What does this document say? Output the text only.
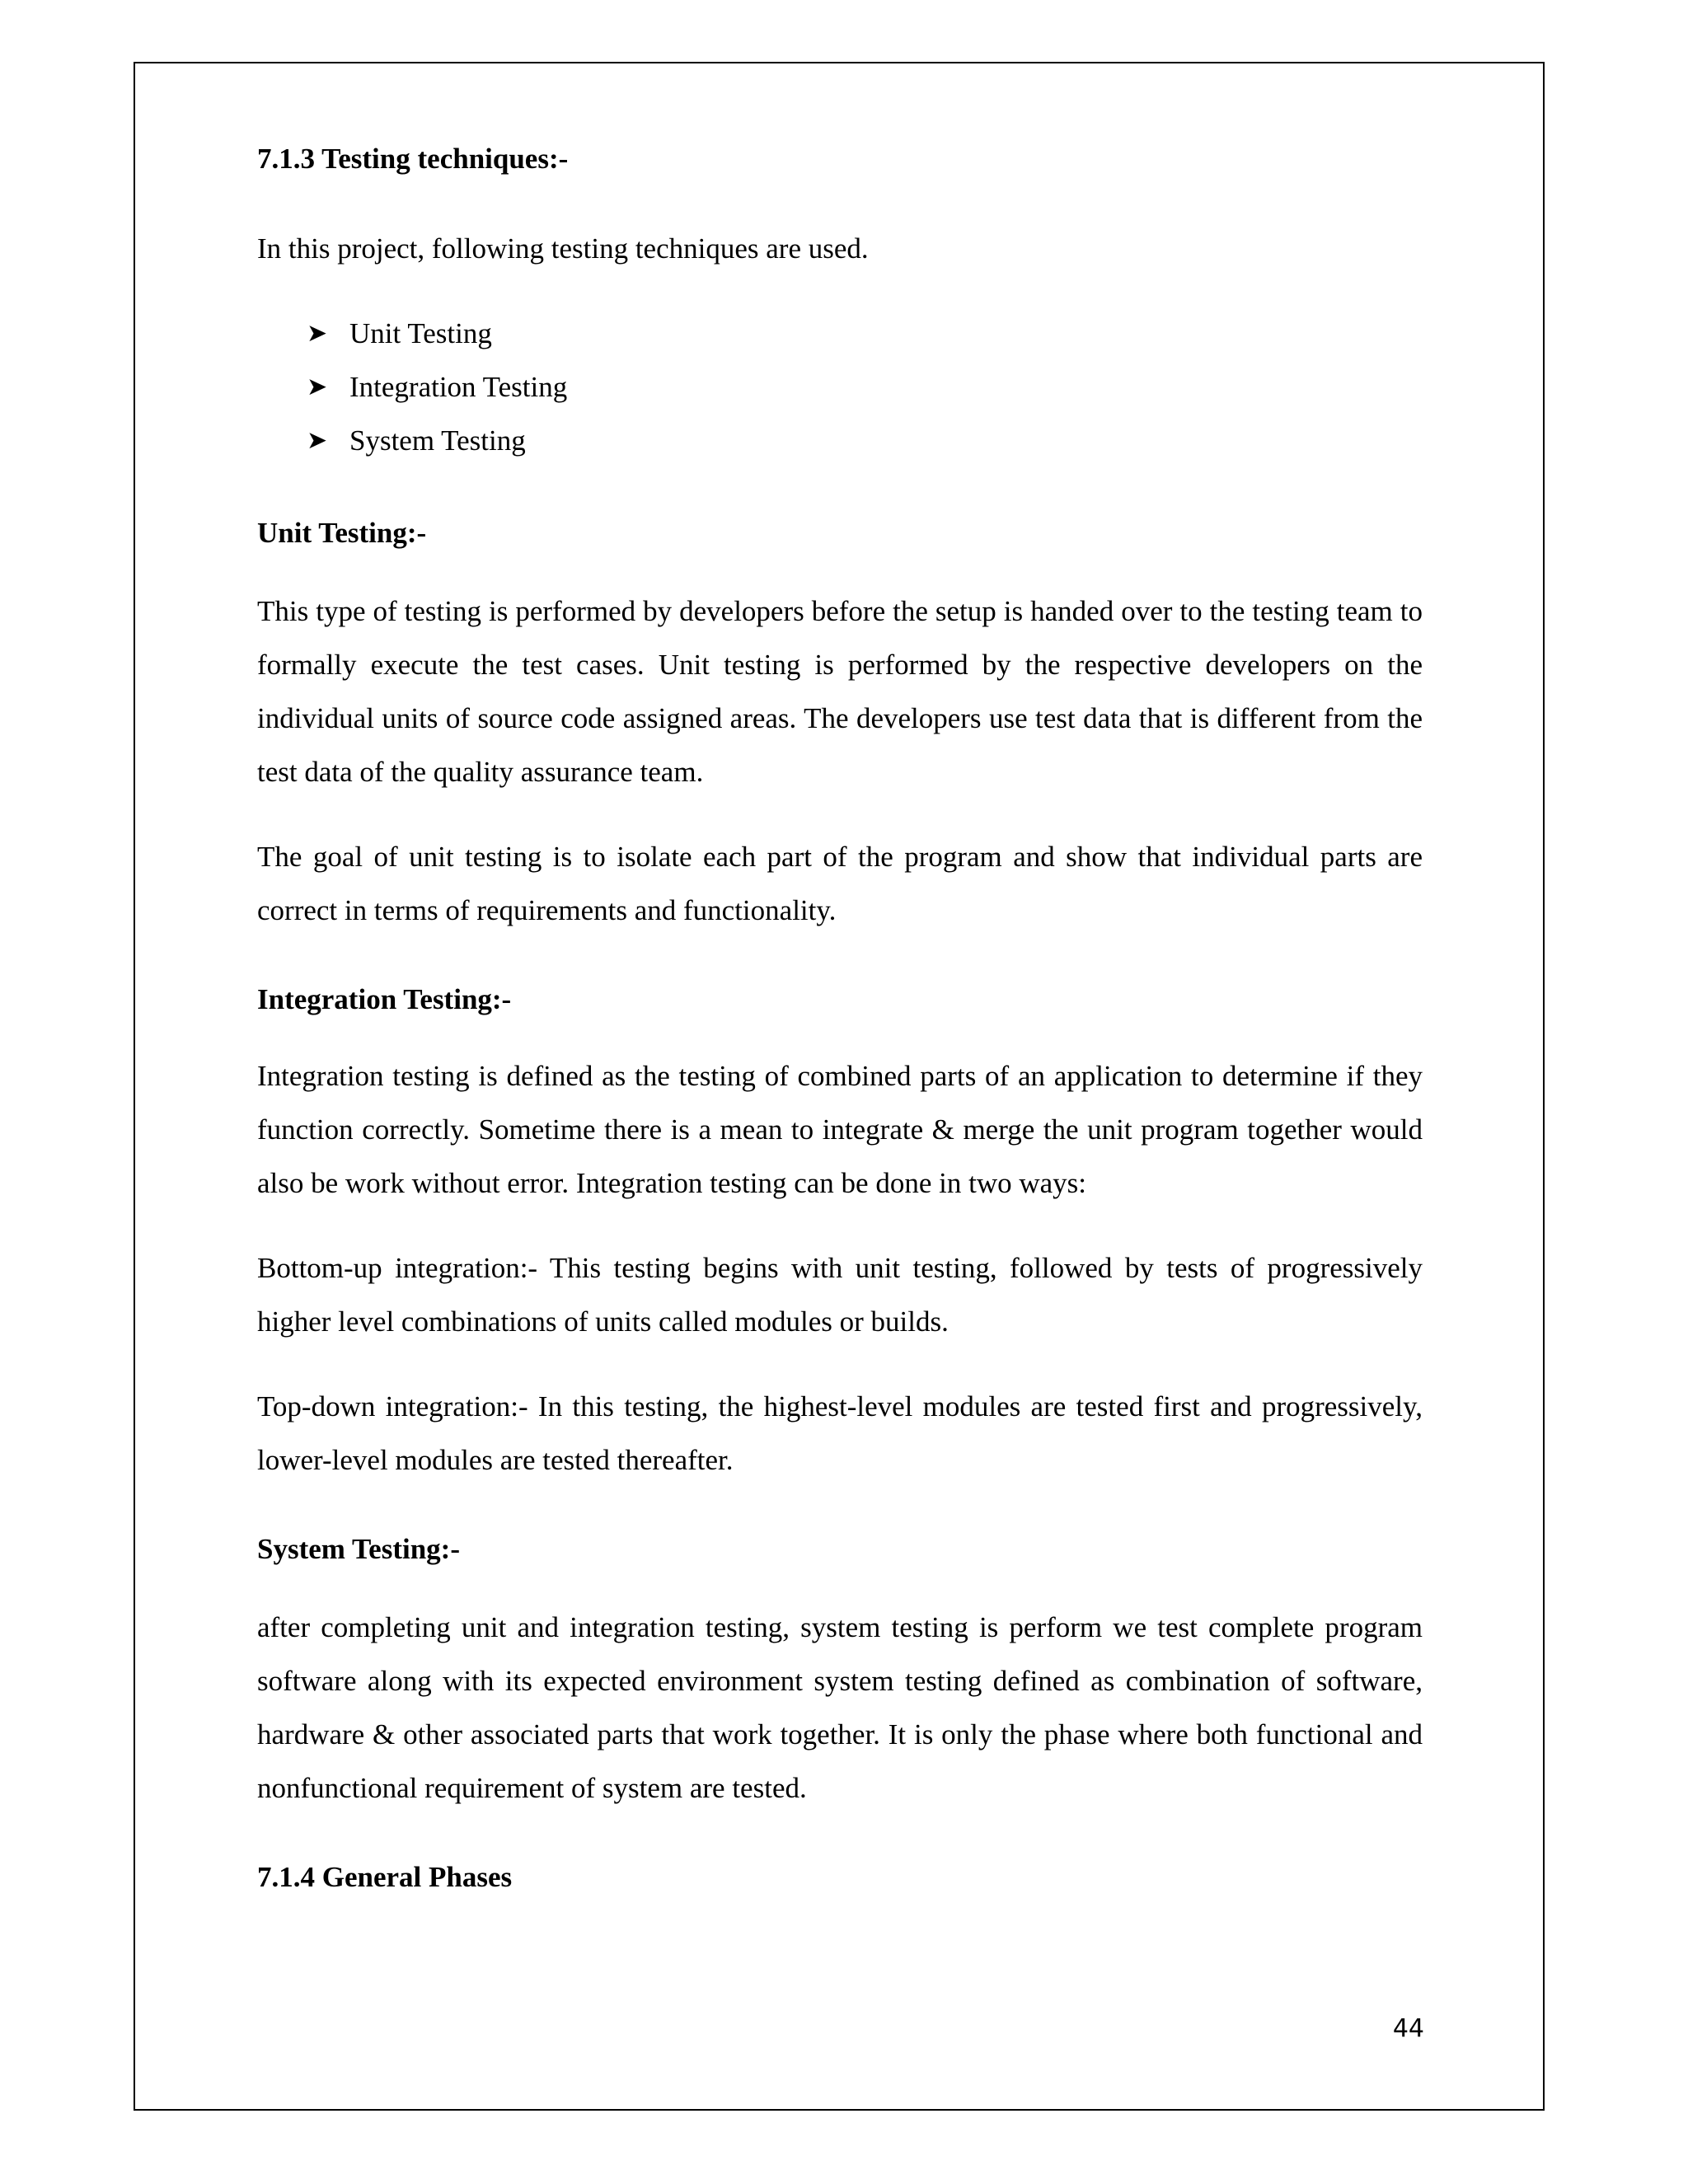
7.1.3 Testing techniques:-

In this project, following testing techniques are used.

➤ Unit Testing
➤ Integration Testing
➤ System Testing

Unit Testing:-

This type of testing is performed by developers before the setup is handed over to the testing team to formally execute the test cases. Unit testing is performed by the respective developers on the individual units of source code assigned areas. The developers use test data that is different from the test data of the quality assurance team.

The goal of unit testing is to isolate each part of the program and show that individual parts are correct in terms of requirements and functionality.

Integration Testing:-

Integration testing is defined as the testing of combined parts of an application to determine if they function correctly. Sometime there is a mean to integrate & merge the unit program together would also be work without error. Integration testing can be done in two ways:

Bottom-up integration:- This testing begins with unit testing, followed by tests of progressively higher level combinations of units called modules or builds.

Top-down integration:- In this testing, the highest-level modules are tested first and progressively, lower-level modules are tested thereafter.

System Testing:-

after completing unit and integration testing, system testing is perform we test complete program software along with its expected environment system testing defined as combination of software, hardware & other associated parts that work together. It is only the phase where both functional and nonfunctional requirement of system are tested.

7.1.4 General Phases

44
